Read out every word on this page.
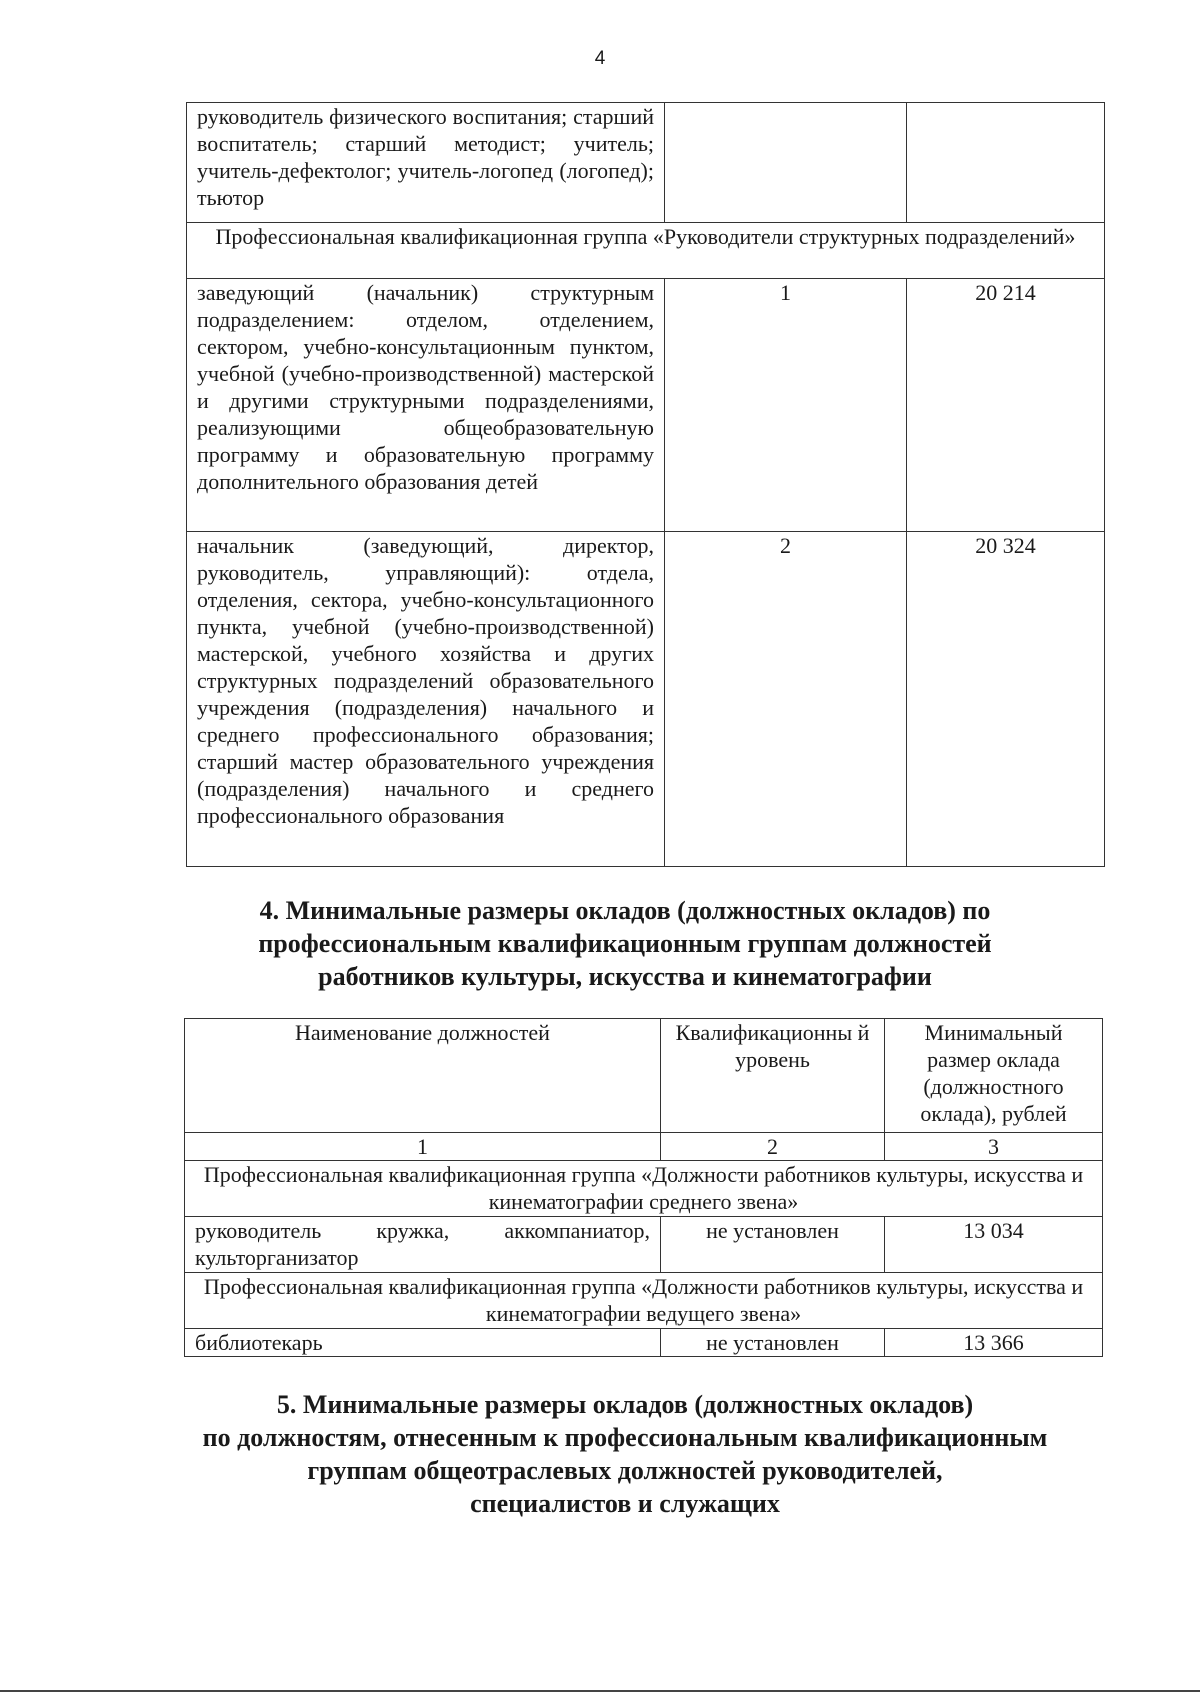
4
руководитель физического воспитания; старший воспитатель; старший методист; учитель; учитель-дефектолог; учитель-логопед (логопед); тьютор		
Профессиональная квалификационная группа «Руководители структурных подразделений»		
заведующий (начальник) структурным подразделением: отделом, отделением, сектором, учебно-консультационным пунктом, учебной (учебно-производственной) мастерской и другими структурными подразделениями, реализующими общеобразовательную программу и образовательную программу дополнительного образования детей	1	20 214
начальник (заведующий, директор, руководитель, управляющий): отдела, отделения, сектора, учебно-консультационного пункта, учебной (учебно-производственной) мастерской, учебного хозяйства и других структурных подразделений образовательного учреждения (подразделения) начального и среднего профессионального образования; старший мастер образовательного учреждения (подразделения) начального и среднего профессионального образования	2	20 324
4. Минимальные размеры окладов (должностных окладов) по
профессиональным квалификационным группам должностей
работников культуры, искусства и кинематографии
Наименование должностей	Квалификационны й уровень	Минимальный размер оклада (должностного оклада), рублей
1	2	3
Профессиональная квалификационная группа «Должности работников культуры, искусства и кинематографии среднего звена»		
руководитель кружка, аккомпаниатор, культорганизатор	не установлен	13 034
Профессиональная квалификационная группа «Должности работников культуры, искусства и кинематографии ведущего звена»		
библиотекарь	не установлен	13 366
5. Минимальные размеры окладов (должностных окладов)
по должностям, отнесенным к профессиональным квалификационным
группам общеотраслевых должностей руководителей,
специалистов и служащих
